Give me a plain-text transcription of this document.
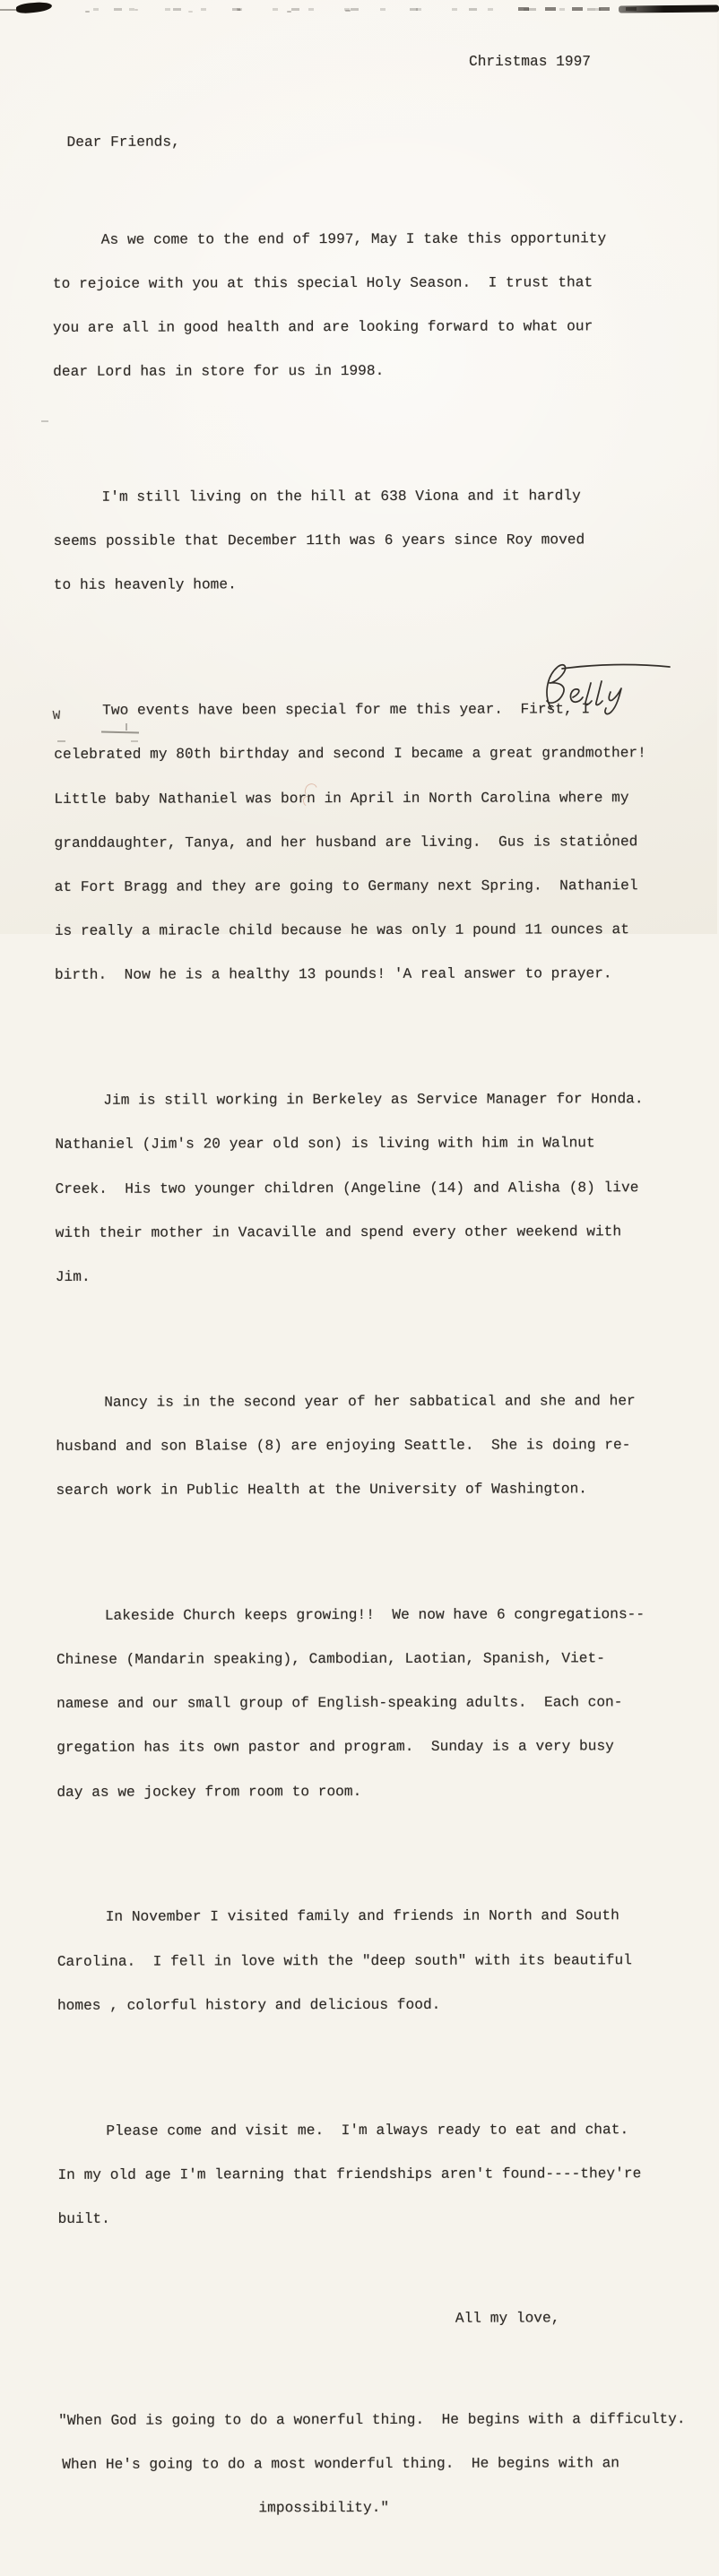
Christmas 1997

Dear Friends,

As we come to the end of 1997, May I take this opportunity

to rejoice with you at this special Holy Season.  I trust that

you are all in good health and are looking forward to what our

dear Lord has in store for us in 1998.

I'm still living on the hill at 638 Viona and it hardly

seems possible that December 11th was 6 years since Roy moved

to his heavenly home.

Two events have been special for me this year.  First, I

celebrated my 80th birthday and second I became a great grandmother!

Little baby Nathaniel was born in April in North Carolina where my

granddaughter, Tanya, and her husband are living.  Gus is stationed

at Fort Bragg and they are going to Germany next Spring.  Nathaniel

is really a miracle child because he was only 1 pound 11 ounces at

birth.  Now he is a healthy 13 pounds! 'A real answer to prayer.

Jim is still working in Berkeley as Service Manager for Honda.

Nathaniel (Jim's 20 year old son) is living with him in Walnut

Creek.  His two younger children (Angeline (14) and Alisha (8) live

with their mother in Vacaville and spend every other weekend with

Jim.

Nancy is in the second year of her sabbatical and she and her

husband and son Blaise (8) are enjoying Seattle.  She is doing re-

search work in Public Health at the University of Washington.

Lakeside Church keeps growing!!  We now have 6 congregations--

Chinese (Mandarin speaking), Cambodian, Laotian, Spanish, Viet-

namese and our small group of English-speaking adults.  Each con-

gregation has its own pastor and program.  Sunday is a very busy

day as we jockey from room to room.

In November I visited family and friends in North and South

Carolina.  I fell in love with the "deep south" with its beautiful

homes , colorful history and delicious food.

Please come and visit me.  I'm always ready to eat and chat.

In my old age I'm learning that friendships aren't found----they're

built.

All my love,

"When God is going to do a wonerful thing.  He begins with a difficulty.

When He's going to do a most wonderful thing.  He begins with an

impossibility."

W
